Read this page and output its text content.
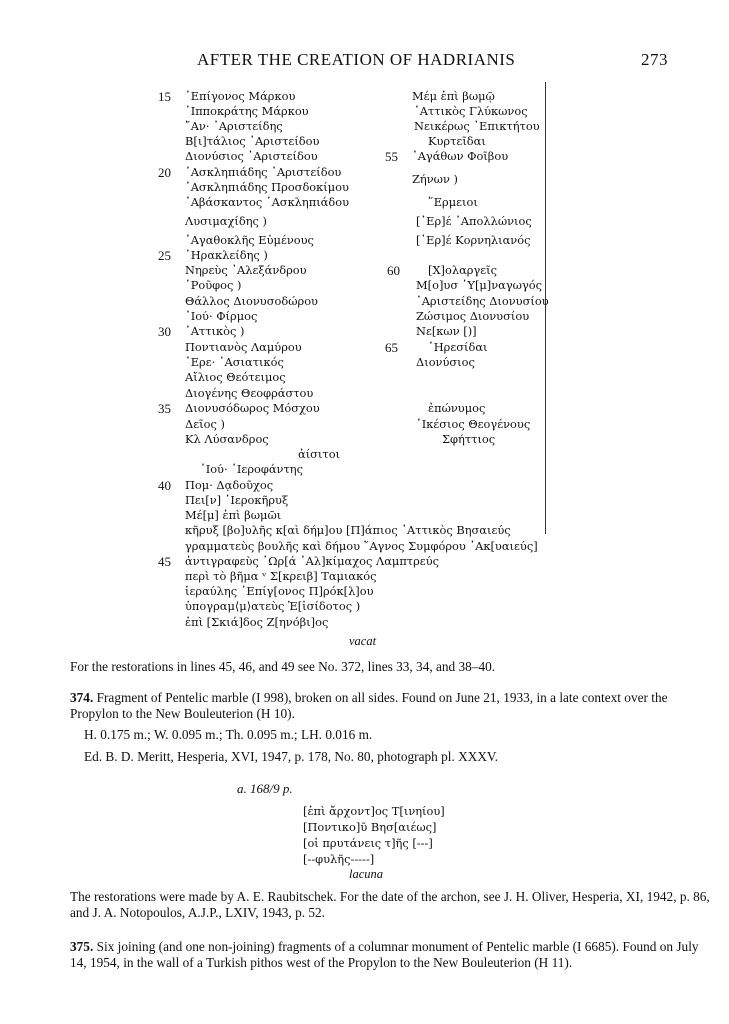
AFTER THE CREATION OF HADRIANIS	273
15 ᾿Επίγονος Μάρκου
῾Ιπποκράτης Μάρκου
῎Αν· ᾿Αριστείδης
Β[ι]τάλιος ᾿Αριστείδου
Διονύσιος ᾿Αριστείδου
20 ᾿Ασκληπιάδης ᾿Αριστείδου
᾿Ασκληπιάδης Προσδοκίμου
᾿Αβάσκαντος ᾿Ασκληπιάδου
Λυσιμαχίδης )
᾿Αγαθοκλῆς Εὐμένους
25 ῾Ηρακλείδης )
Νηρεὺς ᾿Αλεξάνδρου
῾Ροῦφος )
Θάλλος Διονυσοδώρου
᾿Ιού· Φίρμος
30 ᾿Αττικὸς )
Ποντιανὸς Λαμύρου
᾿Ερε· ᾿Ασιατικός
Αἴλιος Θεότειμος
Διογένης Θεοφράστου
35 Διονυσόδωρος Μόσχου
Δεῖος )
Κλ Λύσανδρος
ἀίσιτοι
᾿Ιού· ῾Ιεροφάντης
40 Πομ· Δᾳδοῦχος
Πει[ν] ῾Ιεροκῆρυξ
Μέ[μ] ἐπὶ βωμῶι
κῆρυξ [βο]υλῆς κ[αὶ δήμ]ου [Π]άπιος ᾿Αττικὸς Βησαιεύς
γραμματεὺς βουλῆς καὶ δήμου ῞Αγνος Συμφόρου ᾿Ακ[υαιεύς]
45 ἀντιγραφεὺς ῾Ωρ[ά ᾿Αλ]κίμαχος Λαμπτρεύς
περὶ τὸ βῆμα ᵛ Σ[κρειβ] Ταμιακός
ἱεραύλης ᾿Επίγ[ονος Π]ρόκ[λ]ου
ὑπογραμ⟨μ⟩ατεὺς Ἐ[ἰσίδοτος )
ἐπὶ [Σκιά]δος Ζ[ηνόβι]ος
Μέμ ἐπὶ βωμῷ
᾿Αττικὸς Γλύκωνος
Νεικέρως ᾿Επικτήτου
Κυρτεῖδαι
55 ᾿Αγάθων Φοῖβου
Ζήνων )
῞Ερμειοι
[῾Ερ]έ ᾿Απολλώνιος
[῾Ερ]έ Κορνηλιανός
60 [Χ]ολαργεῖς
Μ[ο]υσ ῾Υ[μ]ναγωγός
᾿Αριστείδης Διονυσίου
Ζώσιμος Διονυσίου
Νε[κων [)]
65	᾿Ηρεσίδαι
Διονύσιος
ἐπώνυμος
῾Ικέσιος Θεογένους
Σφήττιος
vacat
For the restorations in lines 45, 46, and 49 see No. 372, lines 33, 34, and 38–40.
374. Fragment of Pentelic marble (I 998), broken on all sides. Found on June 21, 1933, in a late context over the Propylon to the New Bouleuterion (H 10).
H. 0.175 m.; W. 0.095 m.; Th. 0.095 m.; LH. 0.016 m.
Ed. B. D. Meritt, Hesperia, XVI, 1947, p. 178, No. 80, photograph pl. XXXV.
a. 168/9 p.
[ἐπὶ ἄρχοντ]ος Τ[ινηίου]
[Ποντικο]ῦ Βησ[αιέως]
[οἱ πρυτάνεις τ]ῆς [---]
[--φυλῆς-----]
lacuna
The restorations were made by A. E. Raubitschek. For the date of the archon, see J. H. Oliver, Hesperia, XI, 1942, p. 86, and J. A. Notopoulos, A.J.P., LXIV, 1943, p. 52.
375. Six joining (and one non-joining) fragments of a columnar monument of Pentelic marble (I 6685). Found on July 14, 1954, in the wall of a Turkish pithos west of the Propylon to the New Bouleuterion (H 11).
